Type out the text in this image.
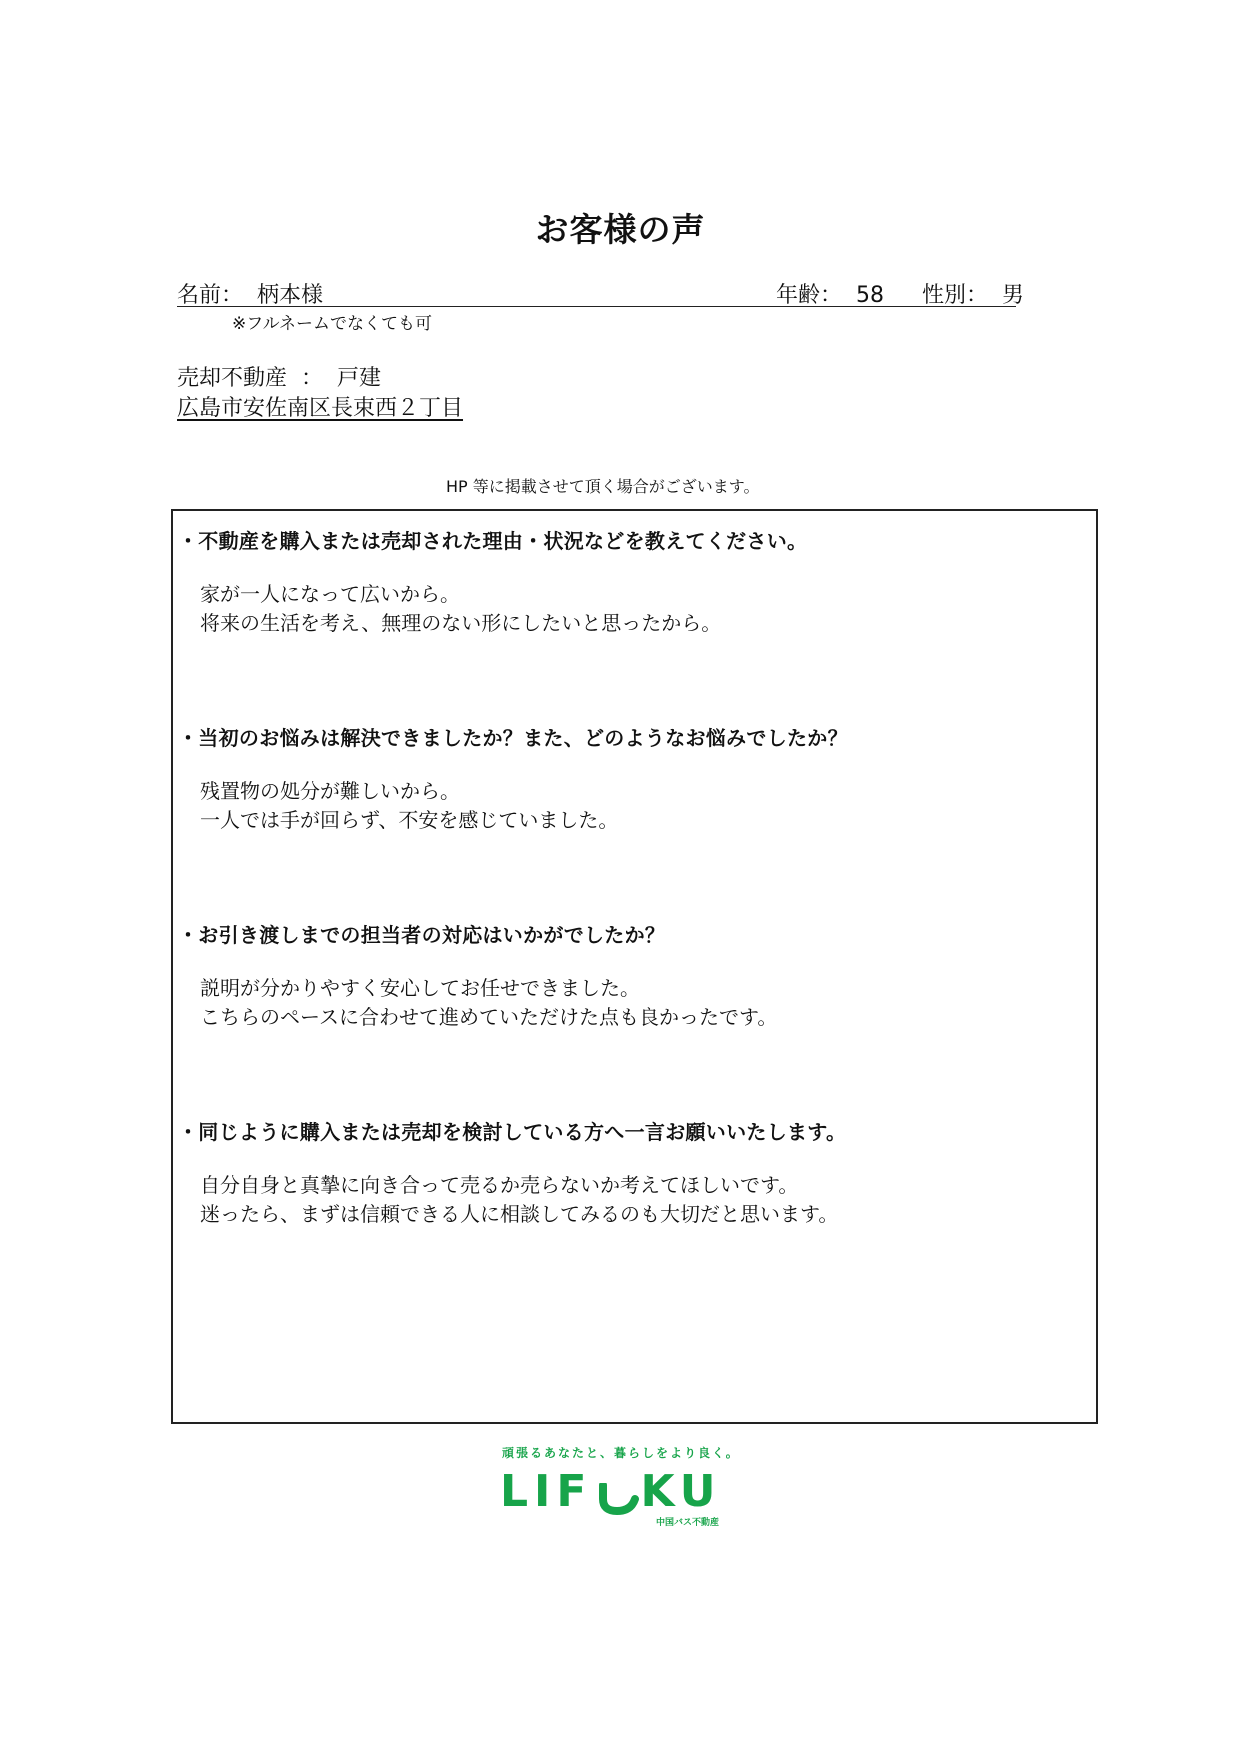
お客様の声
名前：  柄本様	年齢：  58 性別：  男
※フルネームでなくても可
売却不動産  ：  戸建
広島市安佐南区長束西２丁目
HP 等に掲載させて頂く場合がございます。
・不動産を購入または売却された理由・状況などを教えてください。
家が一人になって広いから。
将来の生活を考え、無理のない形にしたいと思ったから。
・当初のお悩みは解決できましたか？また、どのようなお悩みでしたか？
残置物の処分が難しいから。
一人では手が回らず、不安を感じていました。
・お引き渡しまでの担当者の対応はいかがでしたか？
説明が分かりやすく安心してお任せできました。
こちらのペースに合わせて進めていただけた点も良かったです。
・同じように購入または売却を検討している方へ一言お願いいたします。
自分自身と真摯に向き合って売るか売らないか考えてほしいです。
迷ったら、まずは信頼できる人に相談してみるのも大切だと思います。
頑張るあなたと、暮らしをより良く。
LIF KU
中国バス不動産
